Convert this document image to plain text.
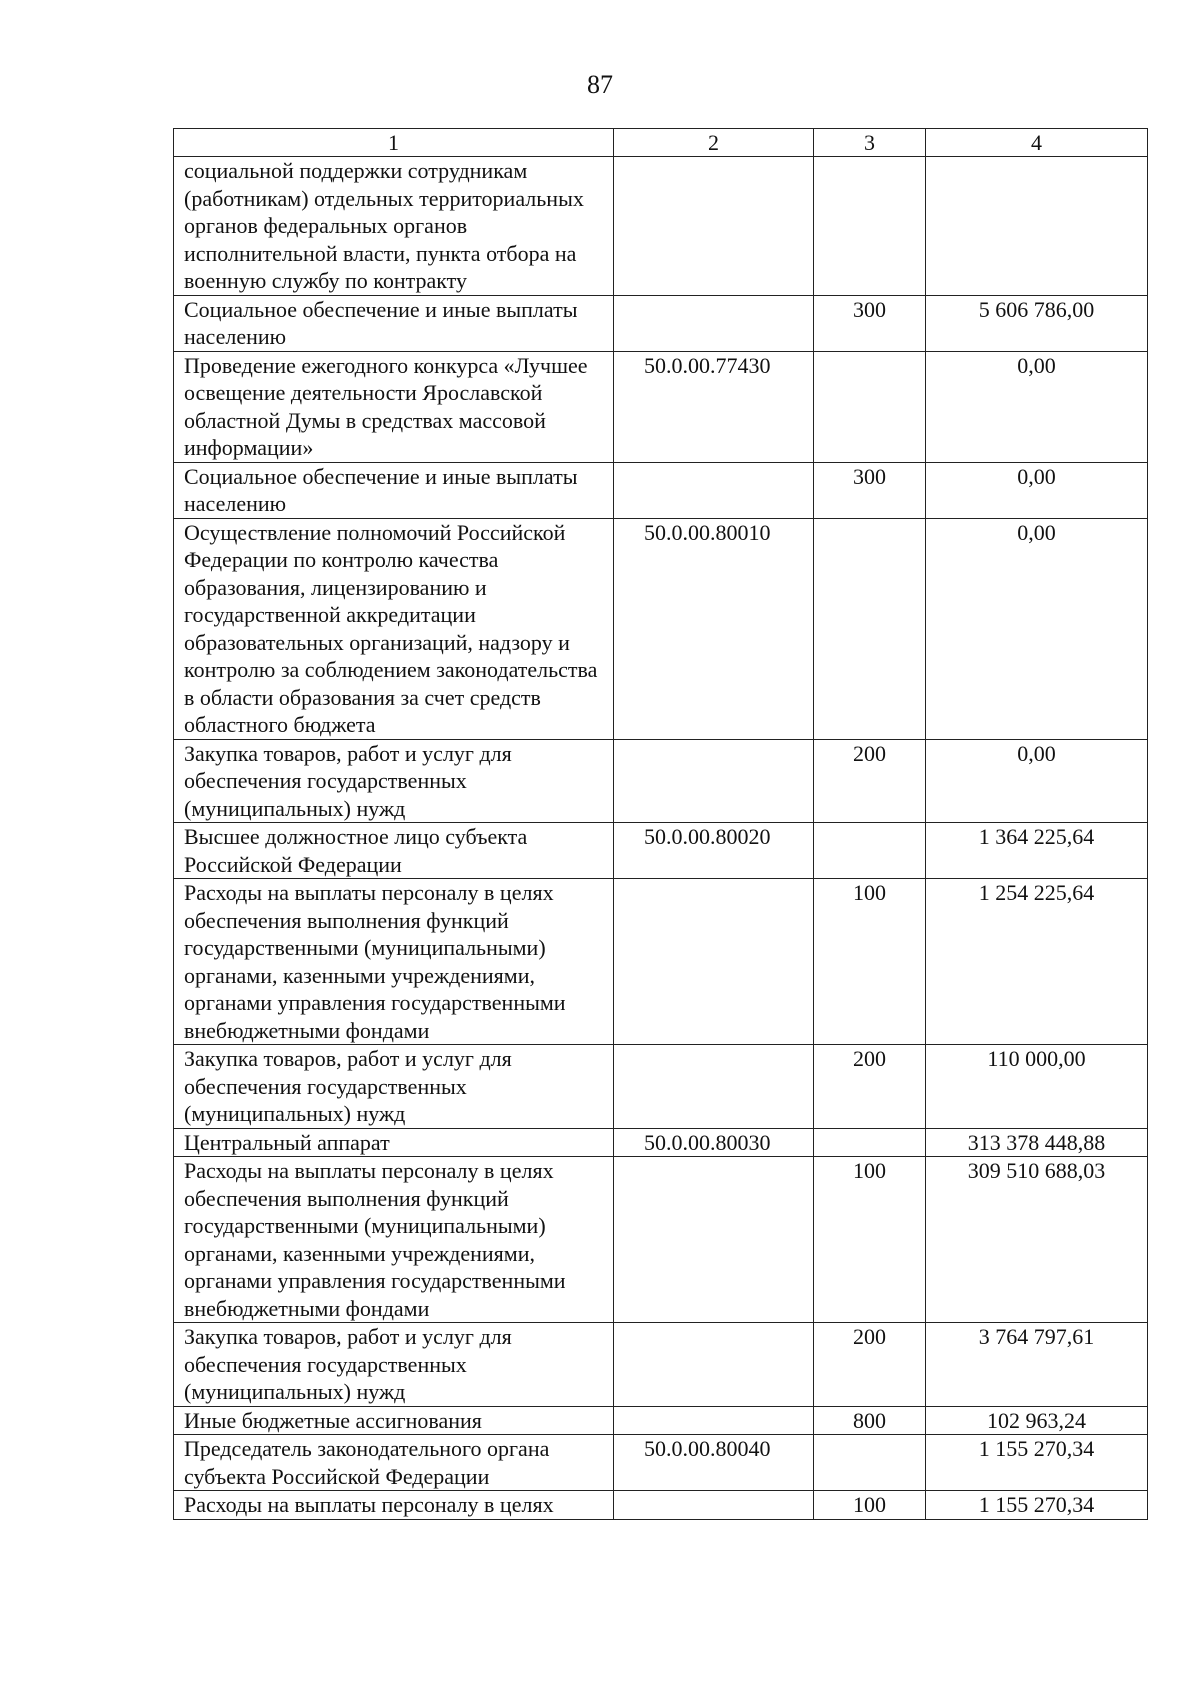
87
1	2	3	4
социальной поддержки сотрудникам (работникам) отдельных территориальных органов федеральных органов исполнительной власти, пункта отбора на военную службу по контракту			
Социальное обеспечение и иные выплаты населению		300	5 606 786,00
Проведение ежегодного конкурса «Лучшее освещение деятельности Ярославской областной Думы в средствах массовой информации»	50.0.00.77430		0,00
Социальное обеспечение и иные выплаты населению		300	0,00
Осуществление полномочий Российской Федерации по контролю качества образования, лицензированию и государственной аккредитации образовательных организаций, надзору и контролю за соблюдением законодательства в области образования за счет средств областного бюджета	50.0.00.80010		0,00
Закупка товаров, работ и услуг для обеспечения государственных (муниципальных) нужд		200	0,00
Высшее должностное лицо субъекта Российской Федерации	50.0.00.80020		1 364 225,64
Расходы на выплаты персоналу в целях обеспечения выполнения функций государственными (муниципальными) органами, казенными учреждениями, органами управления государственными внебюджетными фондами		100	1 254 225,64
Закупка товаров, работ и услуг для обеспечения государственных (муниципальных) нужд		200	110 000,00
Центральный аппарат	50.0.00.80030		313 378 448,88
Расходы на выплаты персоналу в целях обеспечения выполнения функций государственными (муниципальными) органами, казенными учреждениями, органами управления государственными внебюджетными фондами		100	309 510 688,03
Закупка товаров, работ и услуг для обеспечения государственных (муниципальных) нужд		200	3 764 797,61
Иные бюджетные ассигнования		800	102 963,24
Председатель законодательного органа субъекта Российской Федерации	50.0.00.80040		1 155 270,34
Расходы на выплаты персоналу в целях		100	1 155 270,34
